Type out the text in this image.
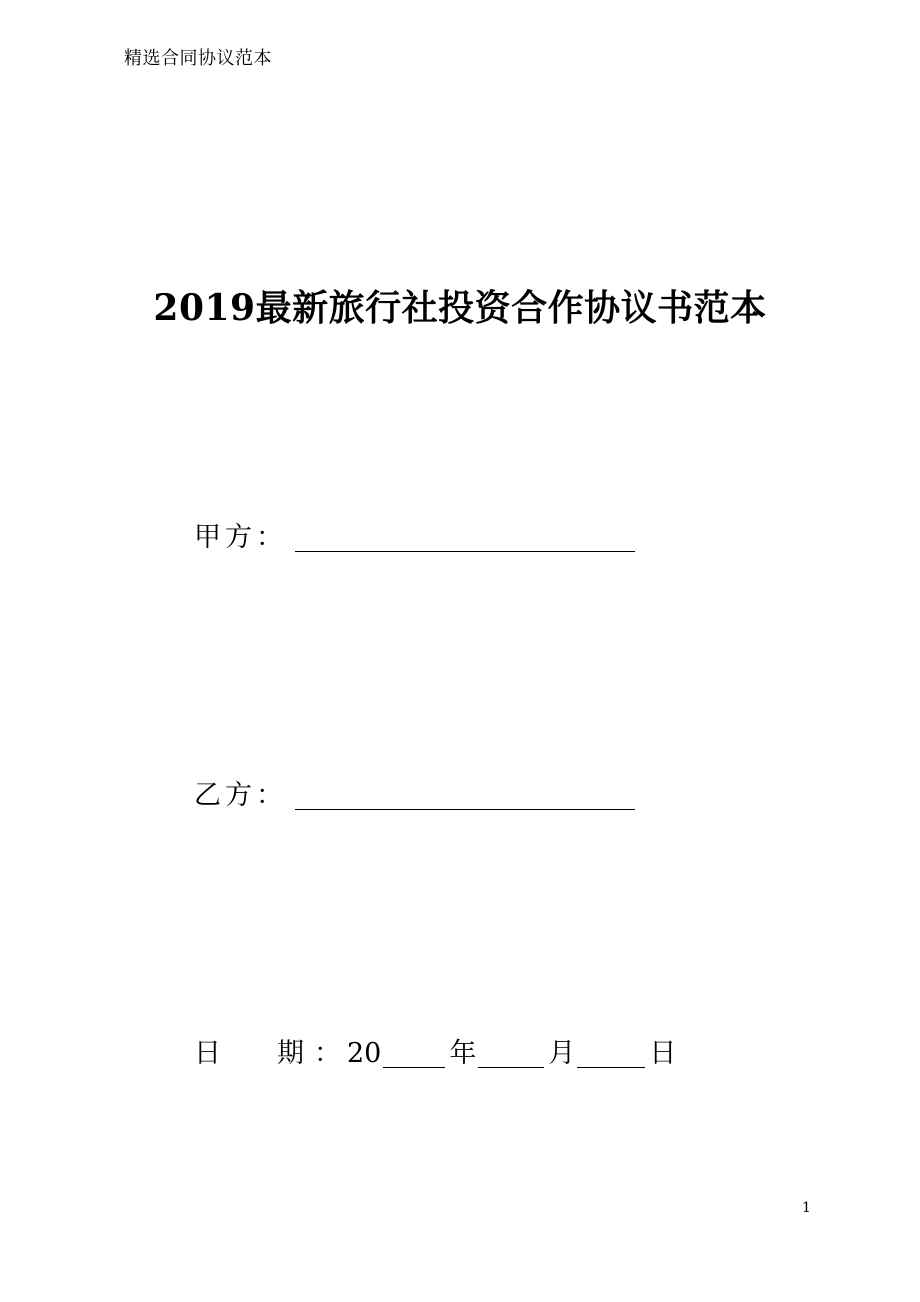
精选合同协议范本
2019最新旅行社投资合作协议书范本
甲方：
乙方：
日 期 ： 20	年	月	日
1
